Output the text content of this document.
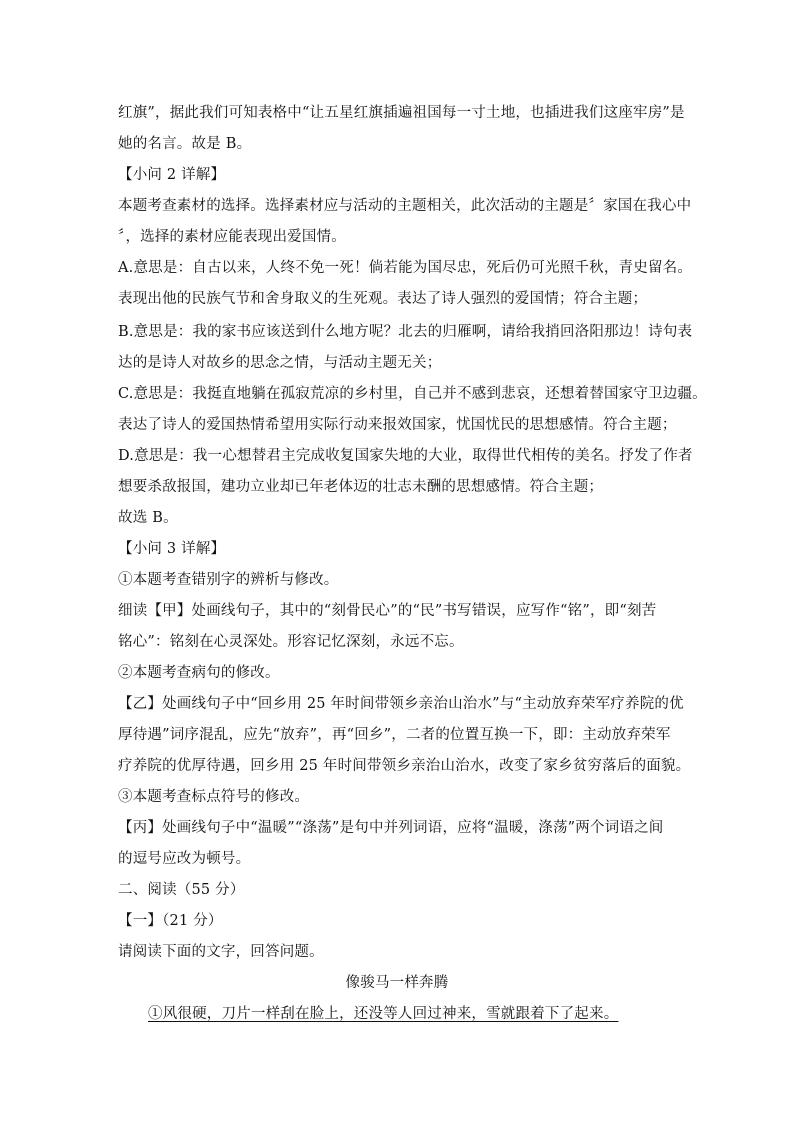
红旗”，据此我们可知表格中“让五星红旗插遍祖国每一寸土地，也插进我们这座牢房”是
她的名言。故是 B。
【小问 2 详解】
本题考查素材的选择。选择素材应与活动的主题相关，此次活动的主题是〞家国在我心中
〞，选择的素材应能表现出爱国情。
A.意思是：自古以来，人终不免一死！倘若能为国尽忠，死后仍可光照千秋，青史留名。
表现出他的民族气节和舍身取义的生死观。表达了诗人强烈的爱国情；符合主题；
B.意思是：我的家书应该送到什么地方呢？北去的归雁啊，请给我捎回洛阳那边！诗句表
达的是诗人对故乡的思念之情，与活动主题无关；
C.意思是：我挺直地躺在孤寂荒凉的乡村里，自己并不感到悲哀，还想着替国家守卫边疆。
表达了诗人的爱国热情希望用实际行动来报效国家，忧国忧民的思想感情。符合主题；
D.意思是：我一心想替君主完成收复国家失地的大业，取得世代相传的美名。抒发了作者
想要杀敌报国，建功立业却已年老体迈的壮志未酬的思想感情。符合主题；
故选 B。
【小问 3 详解】
①本题考查错别字的辨析与修改。
细读【甲】处画线句子，其中的“刻骨民心”的“民”书写错误，应写作“铭”，即“刻苦
铭心”：铭刻在心灵深处。形容记忆深刻，永远不忘。
②本题考查病句的修改。
【乙】处画线句子中“回乡用 25 年时间带领乡亲治山治水”与“主动放弃荣军疗养院的优
厚待遇”词序混乱，应先“放弃”，再“回乡”，二者的位置互换一下，即：主动放弃荣军
疗养院的优厚待遇，回乡用 25 年时间带领乡亲治山治水，改变了家乡贫穷落后的面貌。
③本题考查标点符号的修改。
【丙】处画线句子中“温暖”“涤荡”是句中并列词语，应将“温暖，涤荡”两个词语之间
的逗号应改为顿号。
二、阅读（55 分）
【一】（21 分）
请阅读下面的文字，回答问题。
像骏马一样奔腾
①风很硬，刀片一样刮在脸上，还没等人回过神来，雪就跟着下了起来。
